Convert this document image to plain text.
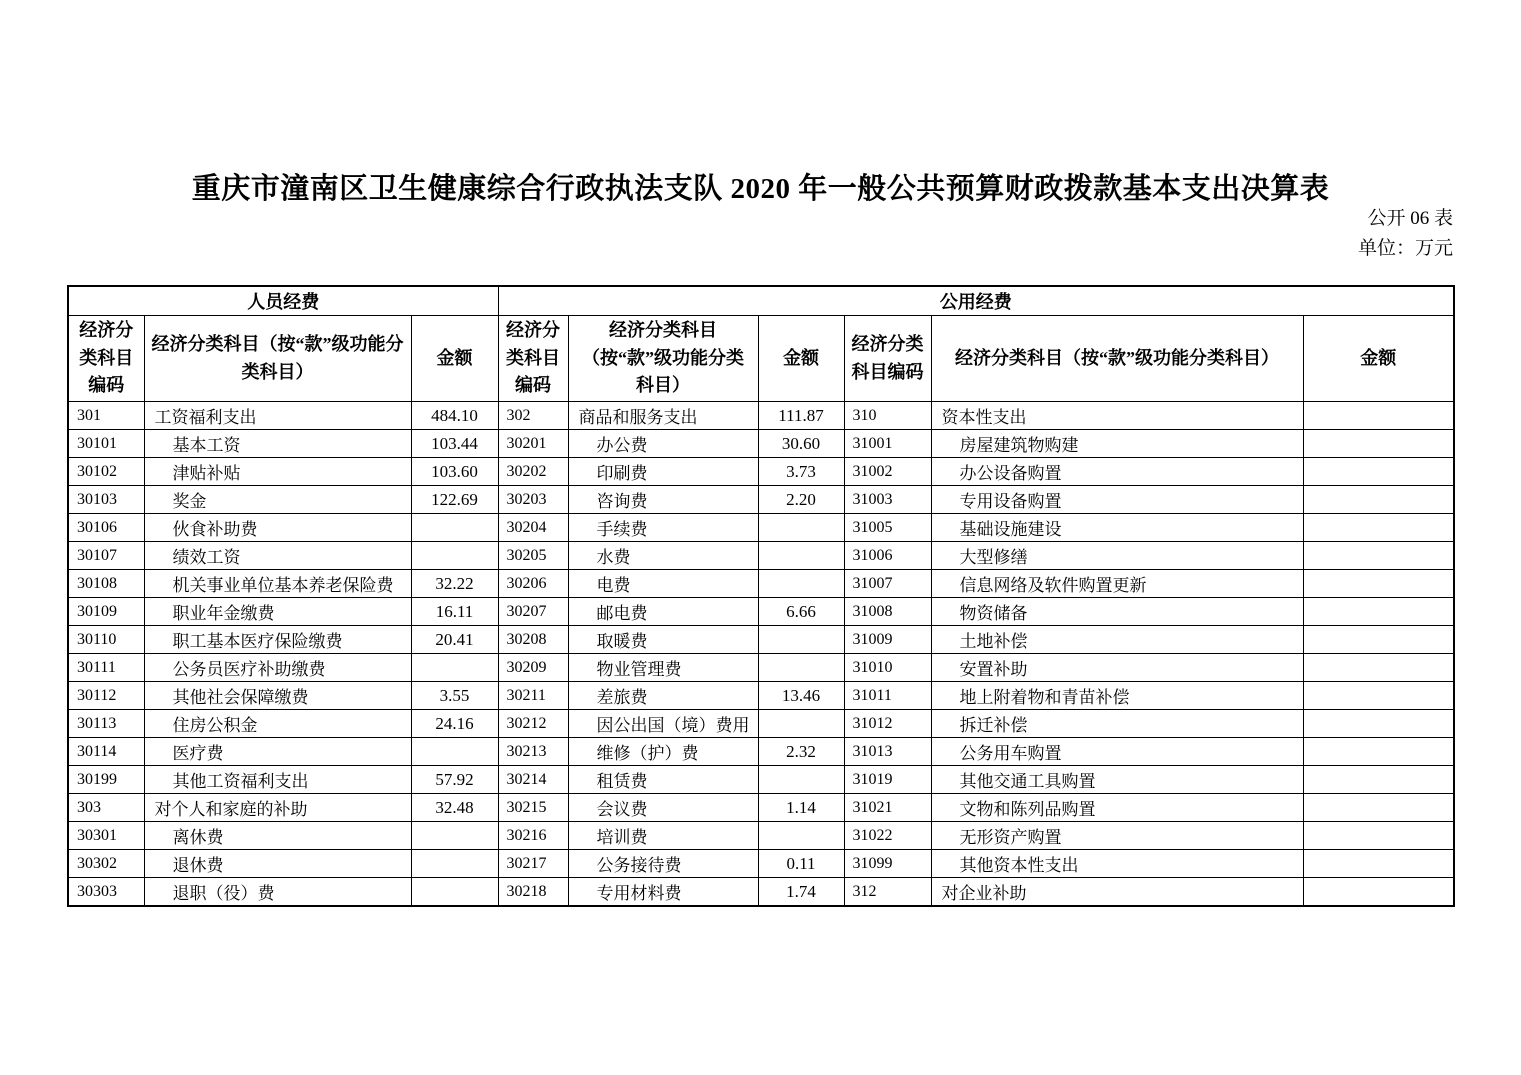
重庆市潼南区卫生健康综合行政执法支队 2020 年一般公共预算财政拨款基本支出决算表
公开 06 表
单位：万元
人员经费			公用经费					
经济分类科目编码	经济分类科目（按“款”级功能分类科目）	金额	经济分类科目编码	经济分类科目（按“款”级功能分类科目）	金额	经济分类科目编码	经济分类科目（按“款”级功能分类科目）	金额
301	工资福利支出	484.10	302	商品和服务支出	111.87	310	资本性支出	
30101	基本工资	103.44	30201	办公费	30.60	31001	房屋建筑物购建	
30102	津贴补贴	103.60	30202	印刷费	3.73	31002	办公设备购置	
30103	奖金	122.69	30203	咨询费	2.20	31003	专用设备购置	
30106	伙食补助费		30204	手续费		31005	基础设施建设	
30107	绩效工资		30205	水费		31006	大型修缮	
30108	机关事业单位基本养老保险费	32.22	30206	电费		31007	信息网络及软件购置更新	
30109	职业年金缴费	16.11	30207	邮电费	6.66	31008	物资储备	
30110	职工基本医疗保险缴费	20.41	30208	取暖费		31009	土地补偿	
30111	公务员医疗补助缴费		30209	物业管理费		31010	安置补助	
30112	其他社会保障缴费	3.55	30211	差旅费	13.46	31011	地上附着物和青苗补偿	
30113	住房公积金	24.16	30212	因公出国（境）费用		31012	拆迁补偿	
30114	医疗费		30213	维修（护）费	2.32	31013	公务用车购置	
30199	其他工资福利支出	57.92	30214	租赁费		31019	其他交通工具购置	
303	对个人和家庭的补助	32.48	30215	会议费	1.14	31021	文物和陈列品购置	
30301	离休费		30216	培训费		31022	无形资产购置	
30302	退休费		30217	公务接待费	0.11	31099	其他资本性支出	
30303	退职（役）费		30218	专用材料费	1.74	312	对企业补助	
